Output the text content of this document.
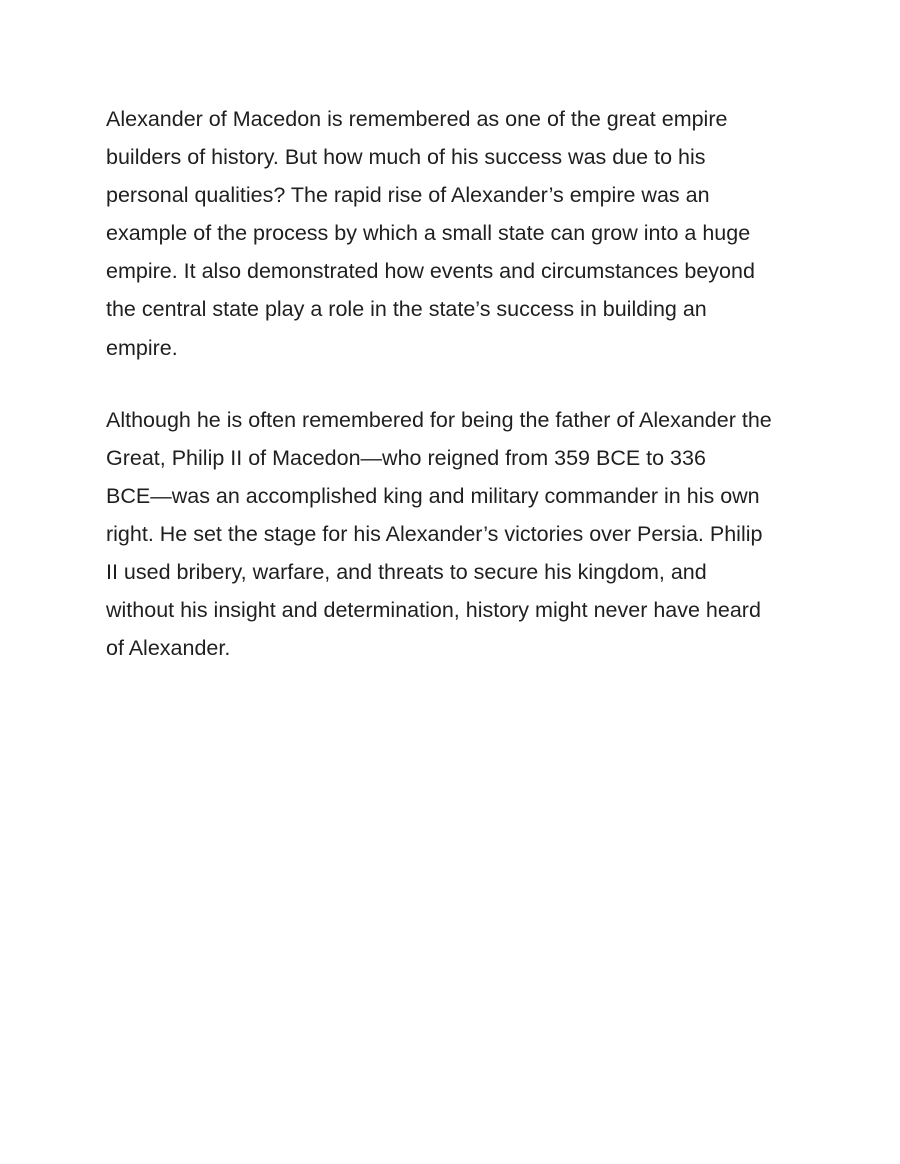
Alexander of Macedon is remembered as one of the great empire
builders of history. But how much of his success was due to his
personal qualities? The rapid rise of Alexander’s empire was an
example of the process by which a small state can grow into a huge
empire. It also demonstrated how events and circumstances beyond
the central state play a role in the state’s success in building an
empire.

Although he is often remembered for being the father of Alexander the
Great, Philip II of Macedon—who reigned from 359 BCE to 336
BCE—was an accomplished king and military commander in his own
right. He set the stage for his Alexander’s victories over Persia. Philip
II used bribery, warfare, and threats to secure his kingdom, and
without his insight and determination, history might never have heard
of Alexander.
